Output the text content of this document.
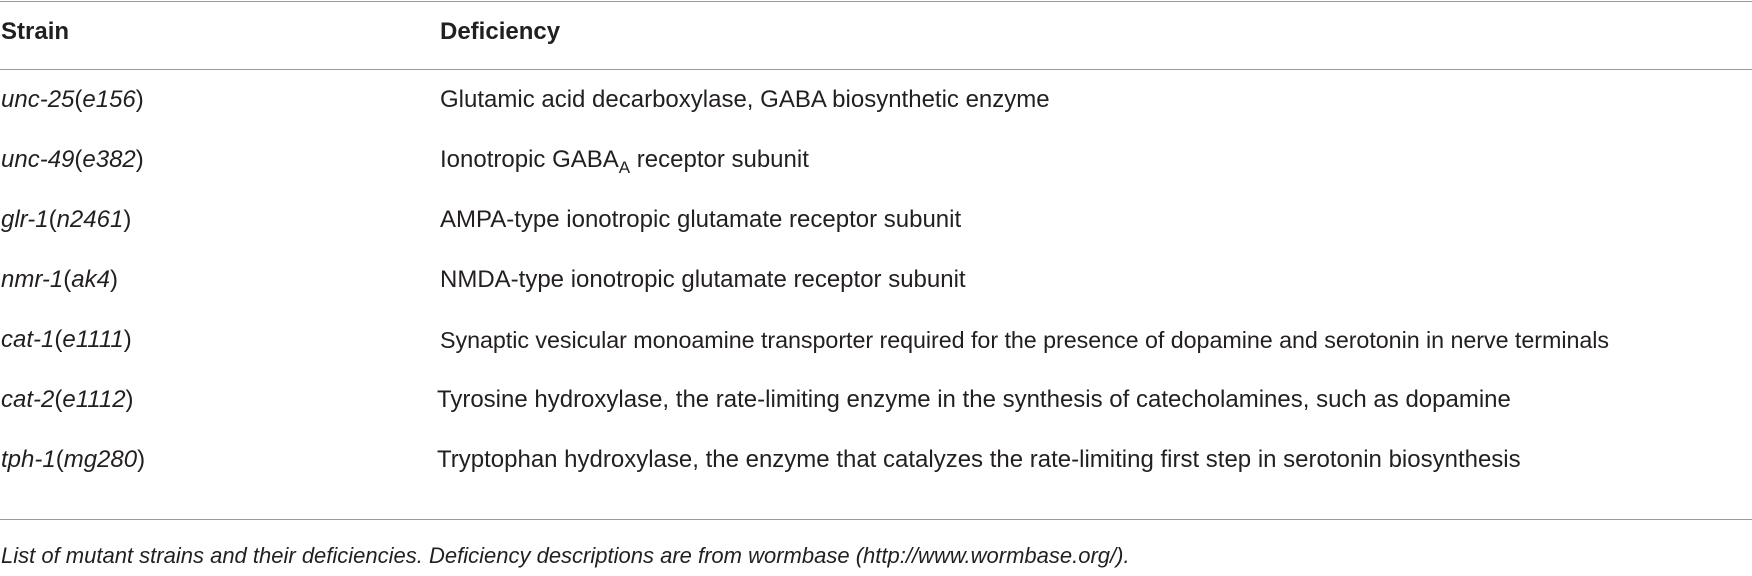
Strain	Deficiency
unc-25(e156)	Glutamic acid decarboxylase, GABA biosynthetic enzyme
unc-49(e382)	Ionotropic $GABA_A$ receptor subunit
glr-1(n2461)	AMPA-type ionotropic glutamate receptor subunit
nmr-1(ak4)	NMDA-type ionotropic glutamate receptor subunit
cat-1(e1111)	Synaptic vesicular monoamine transporter required for the presence of dopamine and serotonin in nerve terminals
cat-2(e1112)	Tyrosine hydroxylase, the rate-limiting enzyme in the synthesis of catecholamines, such as dopamine
tph-1(mg280)	Tryptophan hydroxylase, the enzyme that catalyzes the rate-limiting first step in serotonin biosynthesis
List of mutant strains and their deficiencies. Deficiency descriptions are from wormbase (http://www.wormbase.org/).
